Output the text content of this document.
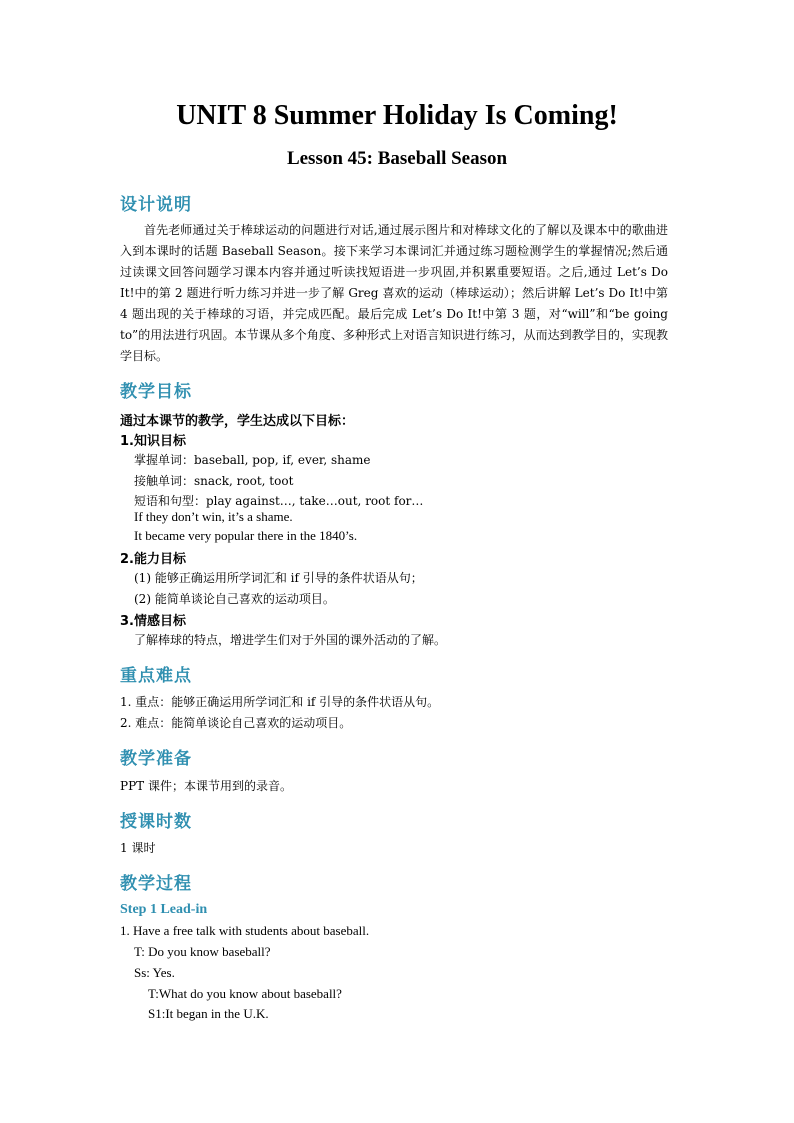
UNIT 8 Summer Holiday Is Coming!
Lesson 45: Baseball Season
设计说明
首先老师通过关于棒球运动的问题进行对话,通过展示图片和对棒球文化的了解以及课本中的歌曲进入到本课时的话题 Baseball Season。接下来学习本课词汇并通过练习题检测学生的掌握情况;然后通过读课文回答问题学习课本内容并通过听读找短语进一步巩固,并积累重要短语。之后,通过 Let’s Do It!中的第 2 题进行听力练习并进一步了解 Greg 喜欢的运动（棒球运动）；然后讲解 Let’s Do It!中第 4 题出现的关于棒球的习语，并完成匹配。最后完成 Let’s Do It!中第 3 题，对“will”和“be going to”的用法进行巩固。本节课从多个角度、多种形式上对语言知识进行练习，从而达到教学目的，实现教学目标。
教学目标
通过本课节的教学，学生达成以下目标：
1.知识目标
掌握单词：baseball, pop, if, ever, shame
接触单词：snack, root, toot
短语和句型：play against…, take…out, root for…
If they don’t win, it’s a shame.
It became very popular there in the 1840’s.
2.能力目标
(1) 能够正确运用所学词汇和 if 引导的条件状语从句；
(2) 能简单谈论自己喜欢的运动项目。
3.情感目标
了解棒球的特点，增进学生们对于外国的课外活动的了解。
重点难点
1. 重点：能够正确运用所学词汇和 if 引导的条件状语从句。
2. 难点：能简单谈论自己喜欢的运动项目。
教学准备
PPT 课件；本课节用到的录音。
授课时数
1 课时
教学过程
Step 1 Lead-in
1. Have a free talk with students about baseball.
T: Do you know baseball?
Ss: Yes.
T:What do you know about baseball?
S1:It began in the U.K.
